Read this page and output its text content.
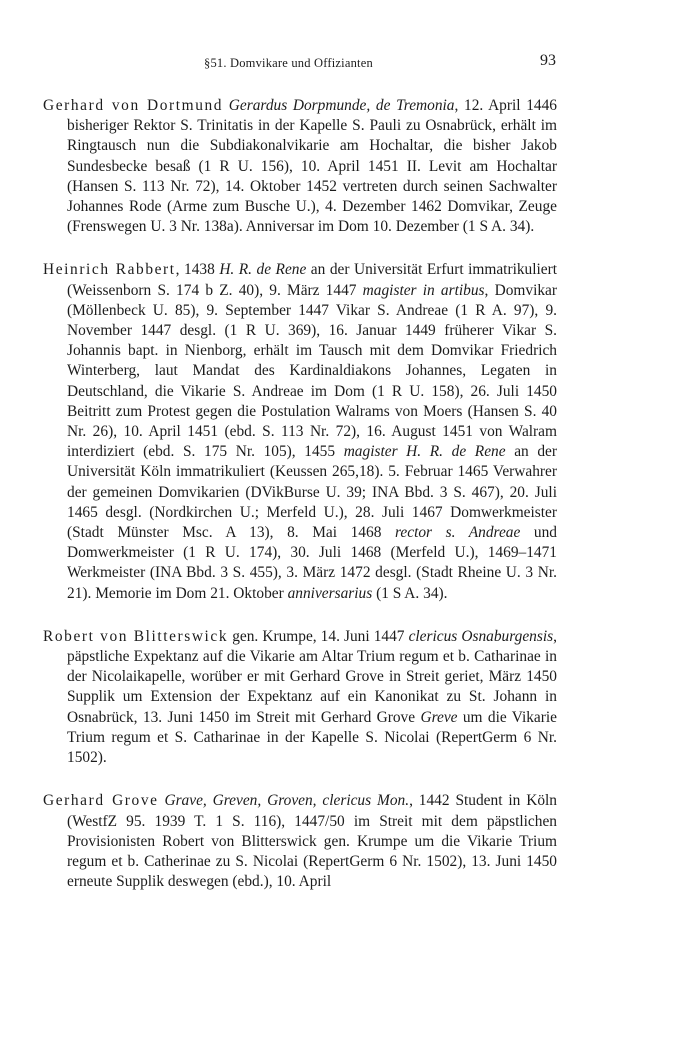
§51. Domvikare und Offizianten	93

Gerhard von Dortmund Gerardus Dorpmunde, de Tremonia, 12. April 1446 bisheriger Rektor S. Trinitatis in der Kapelle S. Pauli zu Osnabrück, erhält im Ringtausch nun die Subdiakonalvikarie am Hochaltar, die bisher Jakob Sundesbecke besaß (1 R U. 156), 10. April 1451 II. Levit am Hochaltar (Hansen S. 113 Nr. 72), 14. Oktober 1452 vertreten durch seinen Sachwalter Johannes Rode (Arme zum Busche U.), 4. Dezember 1462 Domvikar, Zeuge (Frenswegen U. 3 Nr. 138a). Anniversar im Dom 10. Dezember (1 S A. 34).

Heinrich Rabbert, 1438 H. R. de Rene an der Universität Erfurt immatrikuliert (Weissenborn S. 174 b Z. 40), 9. März 1447 magister in artibus, Domvikar (Möllenbeck U. 85), 9. September 1447 Vikar S. Andreae (1 R A. 97), 9. November 1447 desgl. (1 R U. 369), 16. Januar 1449 früherer Vikar S. Johannis bapt. in Nienborg, erhält im Tausch mit dem Domvikar Friedrich Winterberg, laut Mandat des Kardinaldiakons Johannes, Legaten in Deutschland, die Vikarie S. Andreae im Dom (1 R U. 158), 26. Juli 1450 Beitritt zum Protest gegen die Postulation Walrams von Moers (Hansen S. 40 Nr. 26), 10. April 1451 (ebd. S. 113 Nr. 72), 16. August 1451 von Walram interdiziert (ebd. S. 175 Nr. 105), 1455 magister H. R. de Rene an der Universität Köln immatrikuliert (Keussen 265,18). 5. Februar 1465 Verwahrer der gemeinen Domvikarien (DVikBurse U. 39; INA Bbd. 3 S. 467), 20. Juli 1465 desgl. (Nordkirchen U.; Merfeld U.), 28. Juli 1467 Domwerkmeister (Stadt Münster Msc. A 13), 8. Mai 1468 rector s. Andreae und Domwerkmeister (1 R U. 174), 30. Juli 1468 (Merfeld U.), 1469–1471 Werkmeister (INA Bbd. 3 S. 455), 3. März 1472 desgl. (Stadt Rheine U. 3 Nr. 21). Memorie im Dom 21. Oktober anniversarius (1 S A. 34).

Robert von Blitterswick gen. Krumpe, 14. Juni 1447 clericus Osnaburgensis, päpstliche Expektanz auf die Vikarie am Altar Trium regum et b. Catharinae in der Nicolaikapelle, worüber er mit Gerhard Grove in Streit geriet, März 1450 Supplik um Extension der Expektanz auf ein Kanonikat zu St. Johann in Osnabrück, 13. Juni 1450 im Streit mit Gerhard Grove Greve um die Vikarie Trium regum et S. Catharinae in der Kapelle S. Nicolai (RepertGerm 6 Nr. 1502).

Gerhard Grove Grave, Greven, Groven, clericus Mon., 1442 Student in Köln (WestfZ 95. 1939 T. 1 S. 116), 1447/50 im Streit mit dem päpstlichen Provisionisten Robert von Blitterswick gen. Krumpe um die Vikarie Trium regum et b. Catherinae zu S. Nicolai (RepertGerm 6 Nr. 1502), 13. Juni 1450 erneute Supplik deswegen (ebd.), 10. April
